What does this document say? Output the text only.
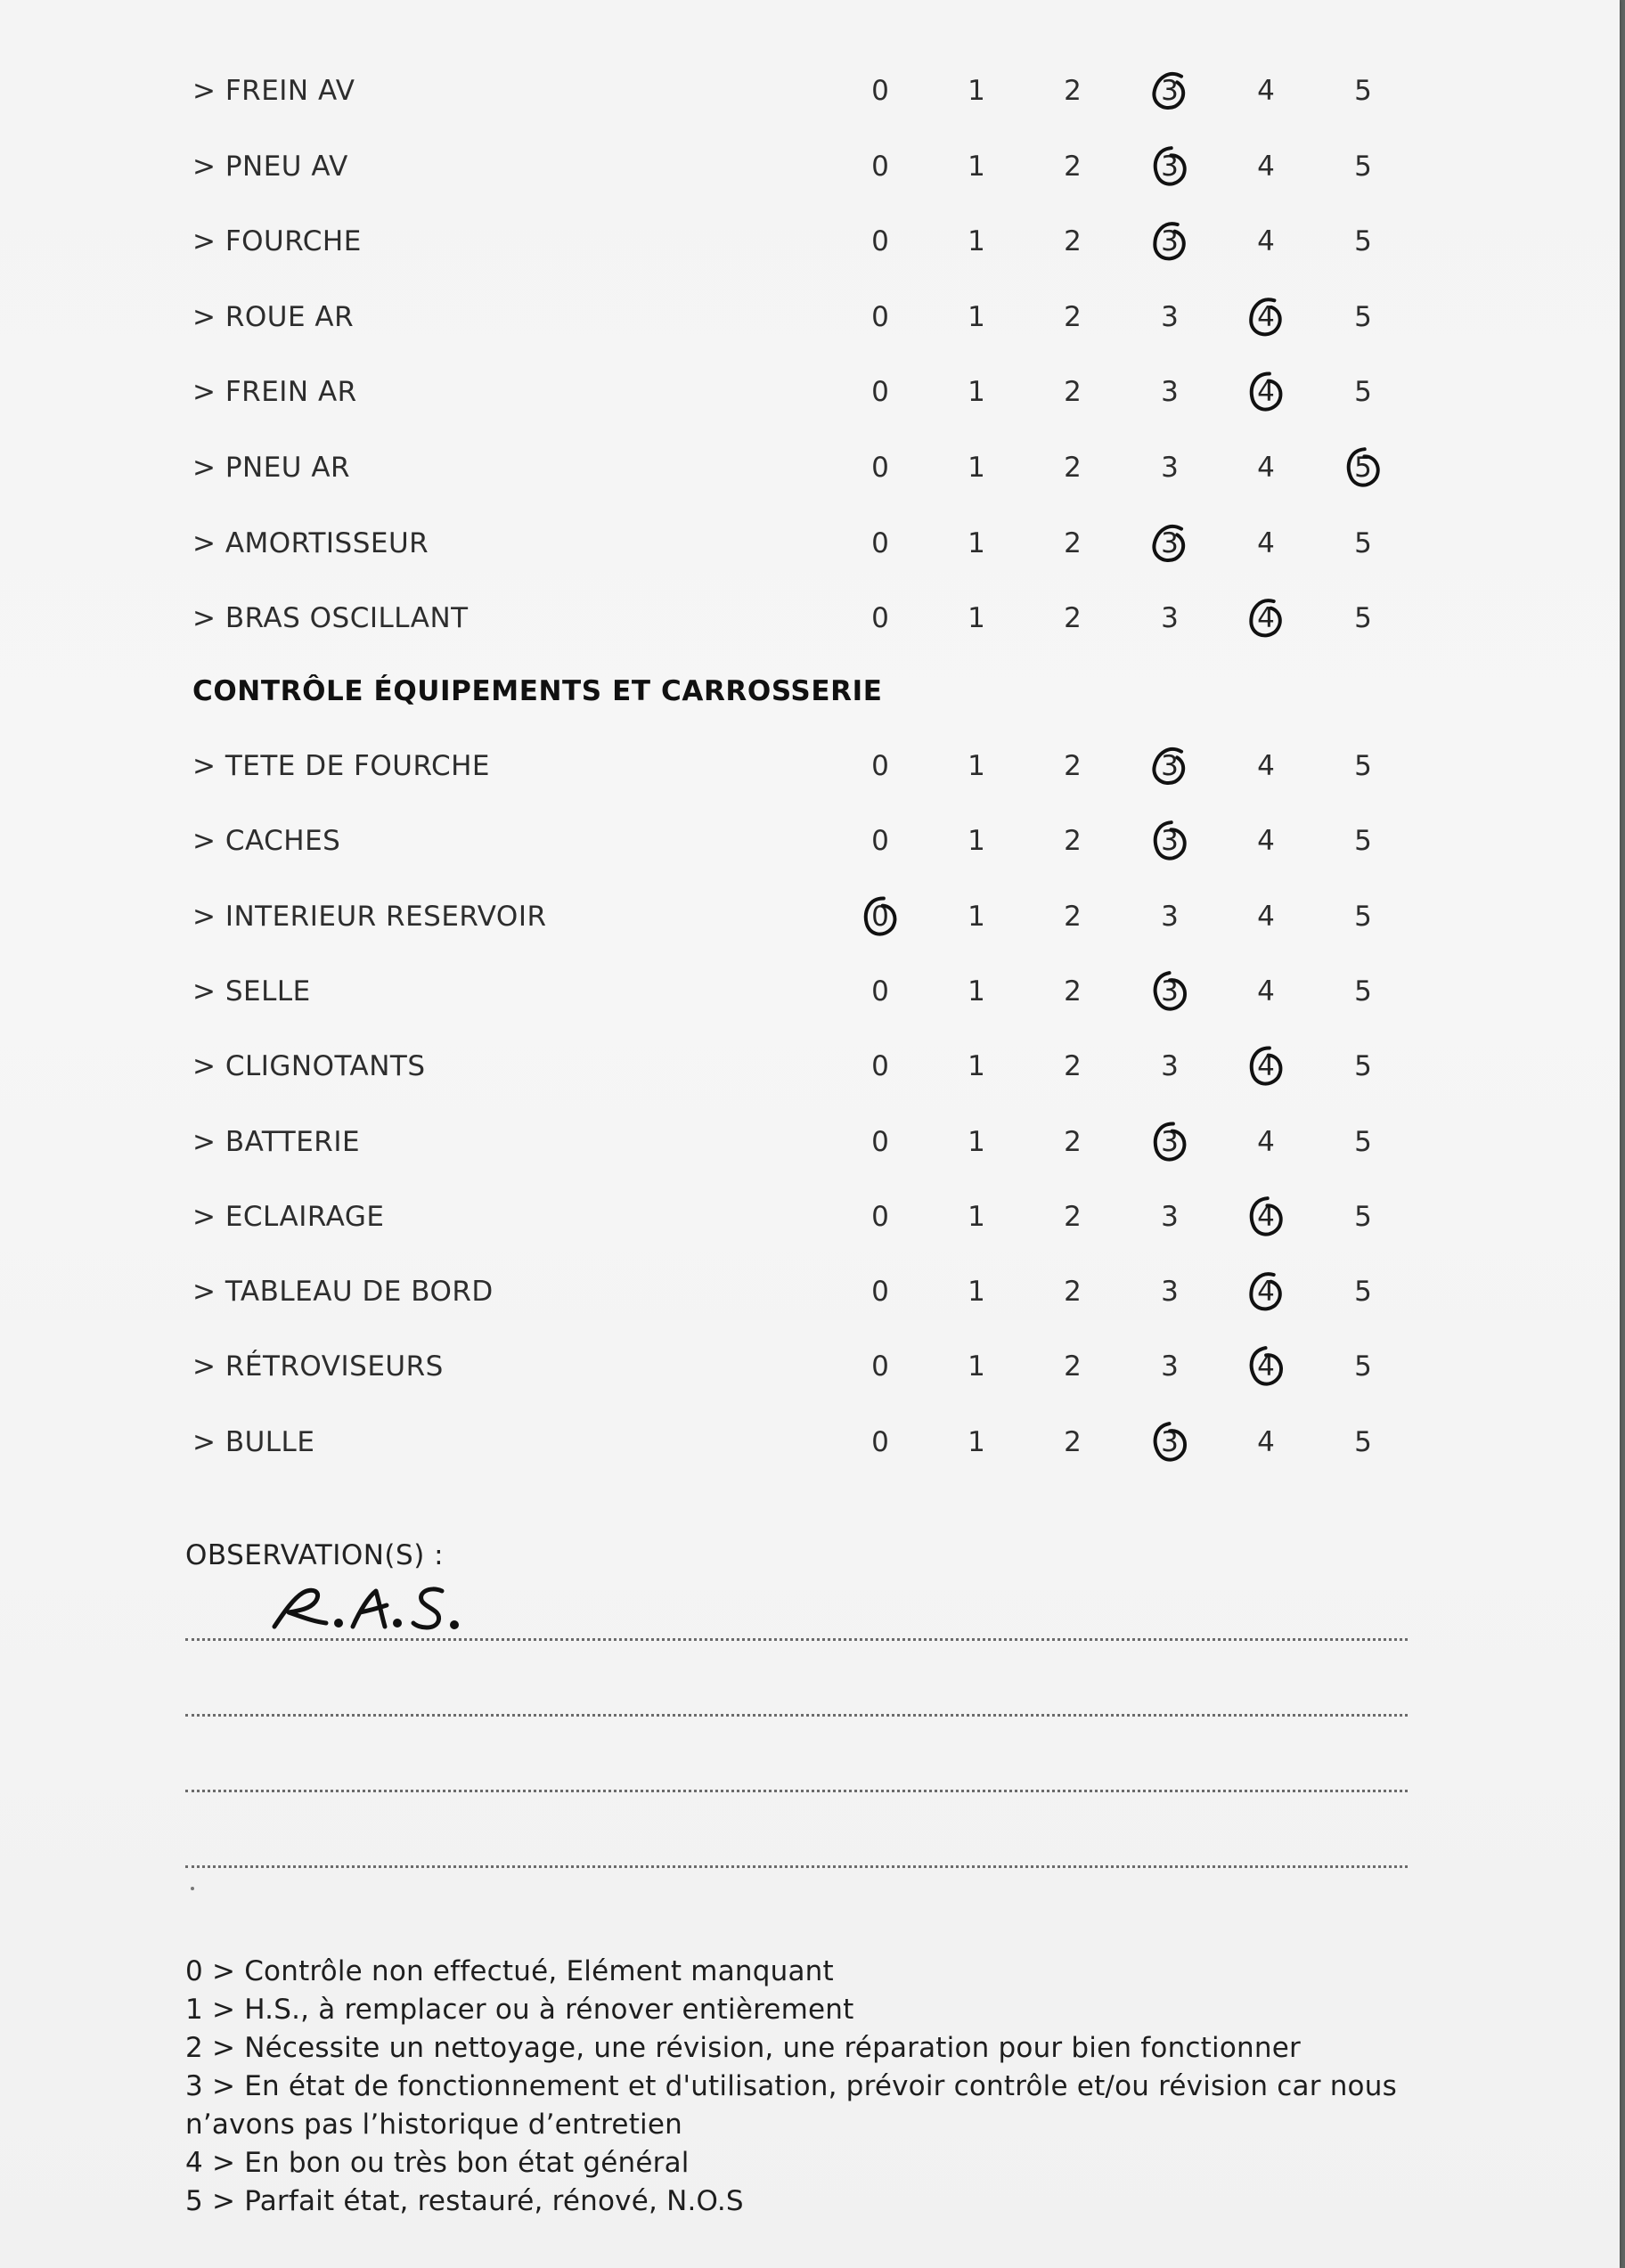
> FREIN AV	0	1	2	3	4	5
> PNEU AV	0	1	2	3	4	5
> FOURCHE	0	1	2	3	4	5
> ROUE AR	0	1	2	3	4	5
> FREIN AR	0	1	2	3	4	5
> PNEU AR	0	1	2	3	4	5
> AMORTISSEUR	0	1	2	3	4	5
> BRAS OSCILLANT	0	1	2	3	4	5
CONTRÔLE ÉQUIPEMENTS ET CARROSSERIE
> TETE DE FOURCHE	0	1	2	3	4	5
> CACHES	0	1	2	3	4	5
> INTERIEUR RESERVOIR	0	1	2	3	4	5
> SELLE	0	1	2	3	4	5
> CLIGNOTANTS	0	1	2	3	4	5
> BATTERIE	0	1	2	3	4	5
> ECLAIRAGE	0	1	2	3	4	5
> TABLEAU DE BORD	0	1	2	3	4	5
> RÉTROVISEURS	0	1	2	3	4	5
> BULLE	0	1	2	3	4	5
OBSERVATION(S) :
0 > Contrôle non effectué, Elément manquant
1 > H.S., à remplacer ou à rénover entièrement
2 > Nécessite un nettoyage, une révision, une réparation pour bien fonctionner
3 > En état de fonctionnement et d'utilisation, prévoir contrôle et/ou révision car nous
n’avons pas l’historique d’entretien
4 > En bon ou très bon état général
5 > Parfait état, restauré, rénové, N.O.S
